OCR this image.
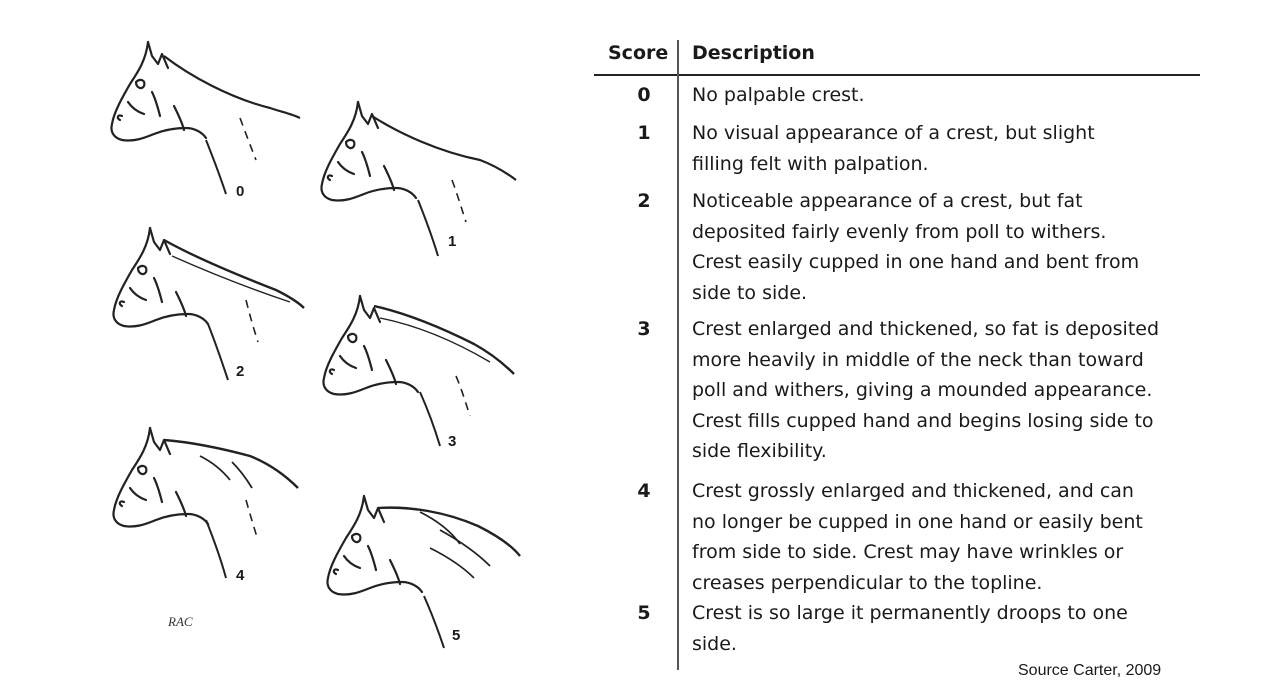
0
1
2
3
4
5
RAC
Score Description
0 No palpable crest.
1 No visual appearance of a crest, but slight
filling felt with palpation.
2 Noticeable appearance of a crest, but fat
deposited fairly evenly from poll to withers.
Crest easily cupped in one hand and bent from
side to side.
3 Crest enlarged and thickened, so fat is deposited
more heavily in middle of the neck than toward
poll and withers, giving a mounded appearance.
Crest fills cupped hand and begins losing side to
side flexibility.
4 Crest grossly enlarged and thickened, and can
no longer be cupped in one hand or easily bent
from side to side. Crest may have wrinkles or
creases perpendicular to the topline.
5 Crest is so large it permanently droops to one
side.
Source Carter, 2009
